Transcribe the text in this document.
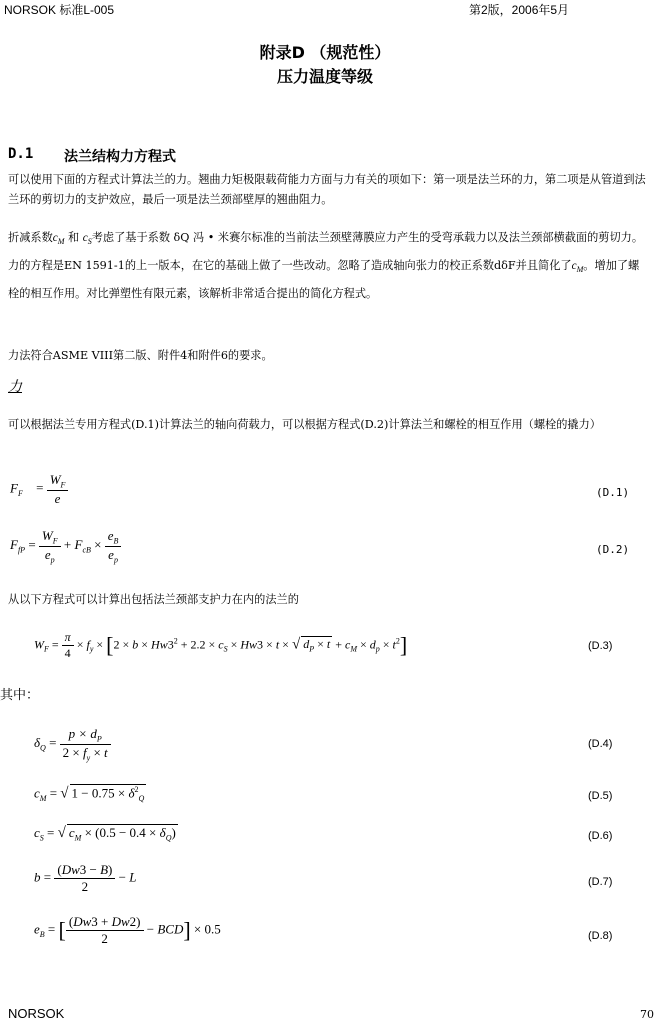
NORSOK 标准L-005	第2版，2006年5月
附录D （规范性）
压力温度等级
D.1 法兰结构力方程式
可以使用下面的方程式计算法兰的力。翘曲力矩极限载荷能力方面与力有关的项如下：第一项是法兰环的力，第二项是从管道到法兰环的剪切力的支护效应，最后一项是法兰颈部壁厚的翘曲阻力。
折减系数$c_M$ 和 $c_S$考虑了基于系数 δQ 冯 • 米赛尔标准的当前法兰颈壁薄膜应力产生的受弯承载力以及法兰颈部横截面的剪切力。力的方程是EN 1591-1的上一版本，在它的基础上做了一些改动。忽略了造成轴向张力的校正系数dδF并且简化了$c_M$。增加了螺栓的相互作用。对比弹塑性有限元素，该解析非常适合提出的简化方程式。
力法符合ASME VIII第二版、附件4和附件6的要求。
力
可以根据法兰专用方程式(D.1)计算法兰的轴向荷载力，可以根据方程式(D.2)计算法兰和螺栓的相互作用（螺栓的撬力）
$F_F = \frac{W_F}{e}$	(D.1)
$F_{fP} = \frac{W_F}{e_p} + F_{cB} \times \frac{e_B}{e_p}$	(D.2)
从以下方程式可以计算出包括法兰颈部支护力在内的法兰的
$W_F = \frac{\pi}{4} \times f_y \times [2 \times b \times Hw3^2 + 2.2 \times c_S \times Hw3 \times t$ × √ $d_P \times t + c_M \times d_p \times t^2$]	(D.3)
其中：
$\delta_Q = \frac{p \times d_P}{2 \times f_y \times t}$	(D.4)
$c_M$ = √ $1 - 0.75 \times \delta^2_Q$	(D.5)
$c_S$ = √ $c_M \times (0.5 - 0.4 \times \delta_Q)$	(D.6)
$b = \frac{(Dw3 - B)}{2} - L$	(D.7)
$e_B$ = [ $\frac{(Dw3 + Dw2)}{2} - BCD] \times 0.5$	(D.8)
NORSOK	70
